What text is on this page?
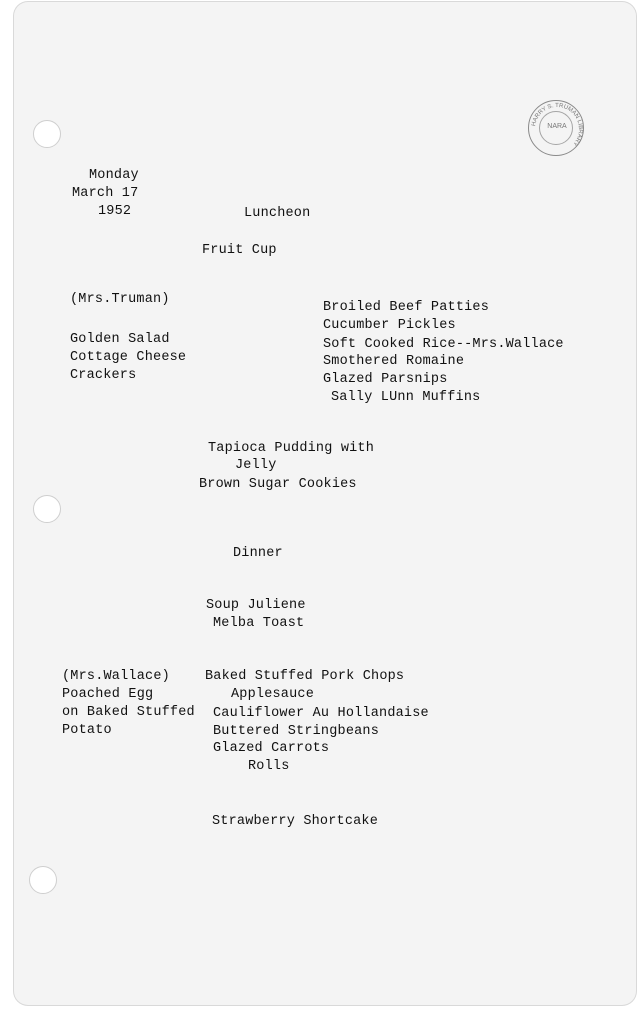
HARRY S. TRUMAN LIBRARY
NARA
Monday
March 17
1952	Luncheon
Fruit Cup
(Mrs.Truman)
Golden Salad
Cottage Cheese
Crackers
Broiled Beef Patties
Cucumber Pickles
Soft Cooked Rice--Mrs.Wallace
Smothered Romaine
Glazed Parsnips
Sally LUnn Muffins
Tapioca Pudding with
Jelly
Brown Sugar Cookies
Dinner
Soup Juliene
Melba Toast
(Mrs.Wallace)
Poached Egg
on Baked Stuffed
Potato
Baked Stuffed Pork Chops
Applesauce
Cauliflower Au Hollandaise
Buttered Stringbeans
Glazed Carrots
Rolls
Strawberry Shortcake
